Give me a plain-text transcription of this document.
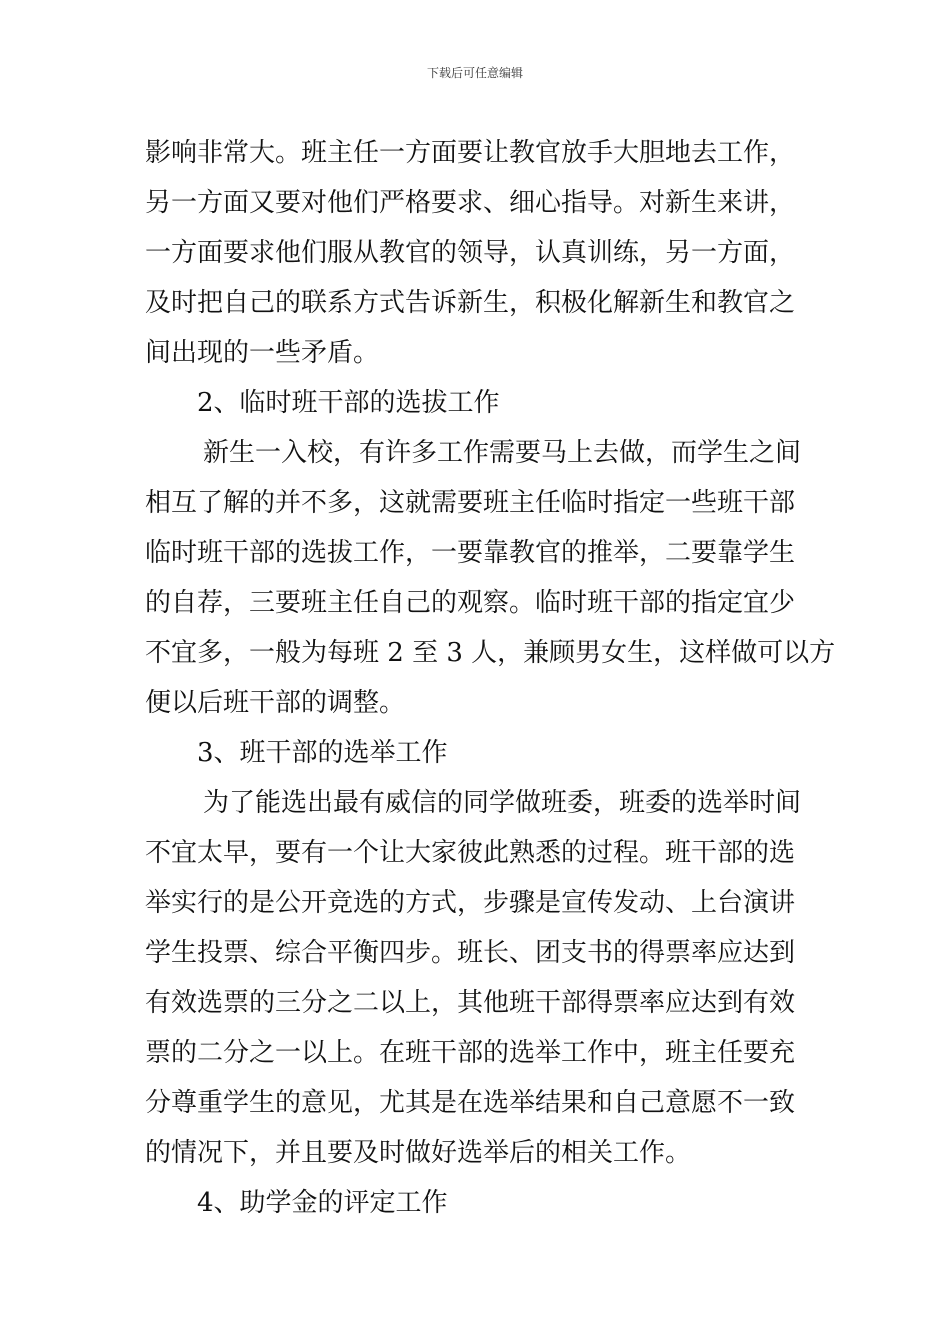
下载后可任意编辑
影响非常大。班主任一方面要让教官放手大胆地去工作，
另一方面又要对他们严格要求、细心指导。对新生来讲，
一方面要求他们服从教官的领导，认真训练，另一方面，
及时把自己的联系方式告诉新生，积极化解新生和教官之
间出现的一些矛盾。
2、临时班干部的选拔工作
新生一入校，有许多工作需要马上去做，而学生之间
相互了解的并不多，这就需要班主任临时指定一些班干部
临时班干部的选拔工作，一要靠教官的推举，二要靠学生
的自荐，三要班主任自己的观察。临时班干部的指定宜少
不宜多，一般为每班 2 至 3 人，兼顾男女生，这样做可以方
便以后班干部的调整。
3、班干部的选举工作
为了能选出最有威信的同学做班委，班委的选举时间
不宜太早，要有一个让大家彼此熟悉的过程。班干部的选
举实行的是公开竞选的方式，步骤是宣传发动、上台演讲
学生投票、综合平衡四步。班长、团支书的得票率应达到
有效选票的三分之二以上，其他班干部得票率应达到有效
票的二分之一以上。在班干部的选举工作中，班主任要充
分尊重学生的意见，尤其是在选举结果和自己意愿不一致
的情况下，并且要及时做好选举后的相关工作。
4、助学金的评定工作
